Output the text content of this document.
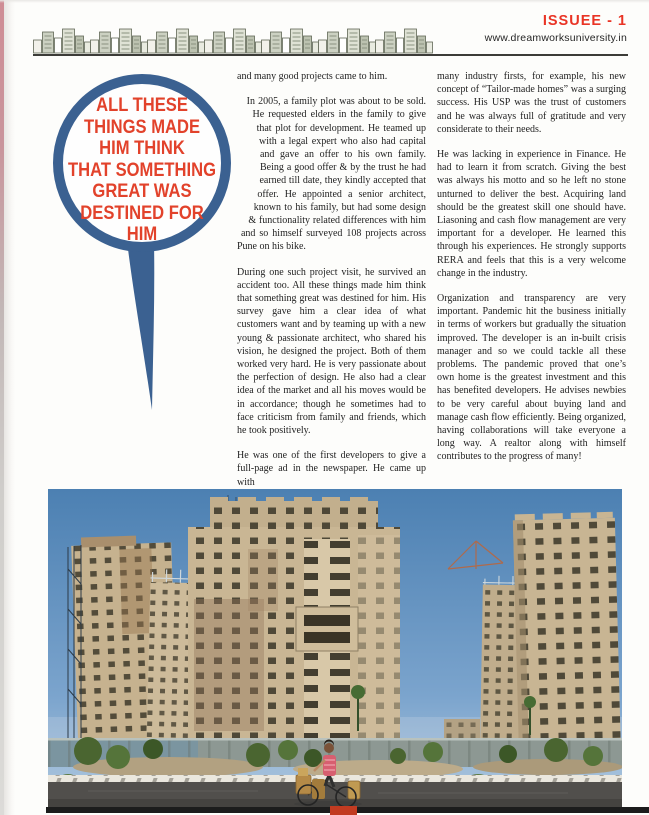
ISSUEE - 1
www.dreamworksuniversity.in
ALL THESE
THINGS MADE
HIM THINK
THAT SOMETHING
GREAT WAS
DESTINED FOR
HIM

and many good projects came to him.

In 2005, a family plot was about to be sold. He requested elders in the family to give that plot for development. He teamed up with a legal expert who also had capital and gave an offer to his own family. Being a good offer & by the trust he had earned till date, they kindly accepted that offer. He appointed a senior architect, known to his family, but had some design & functionality related differences with him and so himself surveyed 108 projects across Pune on his bike.

During one such project visit, he survived an accident too. All these things made him think that something great was destined for him. His survey gave him a clear idea of what customers want and by teaming up with a new young & passionate architect, who shared his vision, he designed the project. Both of them worked very hard. He is very passionate about the perfection of design. He also had a clear idea of the market and all his moves would be in accordance; though he sometimes had to face criticism from family and friends, which he took positively.

He was one of the first developers to give a full-page ad in the newspaper. He came up with

many industry firsts, for example, his new concept of “Tailor-made homes” was a surging success. His USP was the trust of customers and he was always full of gratitude and very considerate to their needs.

He was lacking in experience in Finance. He had to learn it from scratch. Giving the best was always his motto and so he left no stone unturned to deliver the best. Acquiring land should be the greatest skill one should have. Liasoning and cash flow management are very important for a developer. He learned this through his experiences. He strongly supports RERA and feels that this is a very welcome change in the industry.

Organization and transparency are very important. Pandemic hit the business initially in terms of workers but gradually the situation improved. The developer is an in-built crisis manager and so we could tackle all these problems. The pandemic proved that one’s own home is the greatest investment and this has benefited developers. He advises newbies to be very careful about buying land and manage cash flow efficiently. Being organized, having collaborations will take everyone a long way. A realtor along with himself contributes to the progress of many!
